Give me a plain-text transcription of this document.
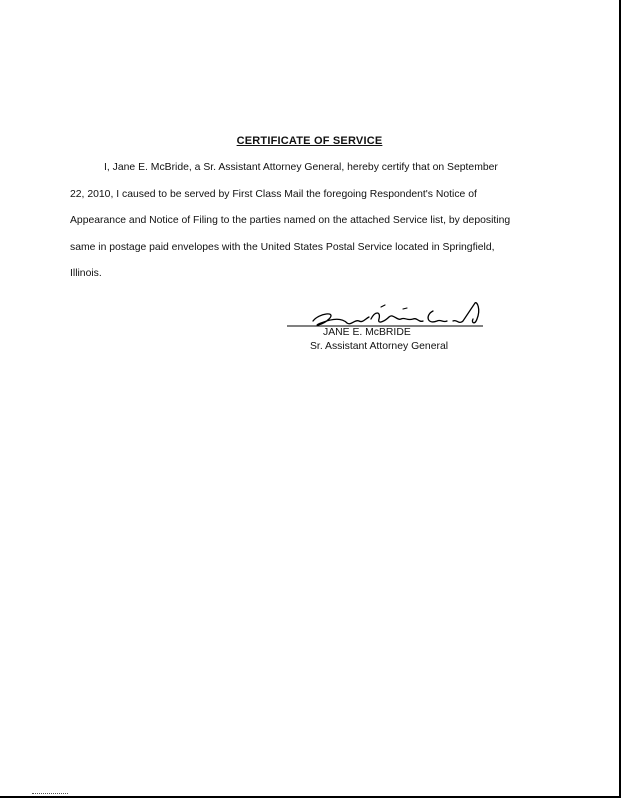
CERTIFICATE OF SERVICE

I, Jane E. McBride, a Sr. Assistant Attorney General, hereby certify that on September
22, 2010, I caused to be served by First Class Mail the foregoing Respondent's Notice of
Appearance and Notice of Filing to the parties named on the attached Service list, by depositing
same in postage paid envelopes with the United States Postal Service located in Springfield,
Illinois.

JANE E. McBRIDE
Sr. Assistant Attorney General
